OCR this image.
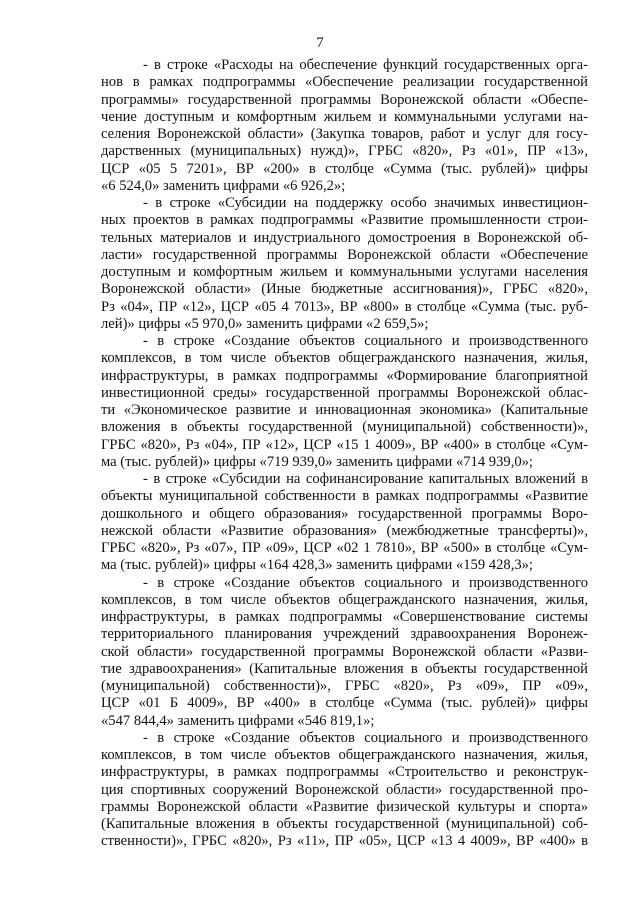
7
- в строке «Расходы на обеспечение функций государственных орга-
нов в рамках подпрограммы «Обеспечение реализации государственной
программы» государственной программы Воронежской области «Обеспе-
чение доступным и комфортным жильем и коммунальными услугами на-
селения Воронежской области» (Закупка товаров, работ и услуг для госу-
дарственных (муниципальных) нужд)», ГРБС «820», Рз «01», ПР «13»,
ЦСР «05 5 7201», ВР «200» в столбце «Сумма (тыс. рублей)» цифры
«6 524,0» заменить цифрами «6 926,2»;
- в строке «Субсидии на поддержку особо значимых инвестицион-
ных проектов в рамках подпрограммы «Развитие промышленности строи-
тельных материалов и индустриального домостроения в Воронежской об-
ласти» государственной программы Воронежской области «Обеспечение
доступным и комфортным жильем и коммунальными услугами населения
Воронежской области» (Иные бюджетные ассигнования)», ГРБС «820»,
Рз «04», ПР «12», ЦСР «05 4 7013», ВР «800» в столбце «Сумма (тыс. руб-
лей)» цифры «5 970,0» заменить цифрами «2 659,5»;
- в строке «Создание объектов социального и производственного
комплексов, в том числе объектов общегражданского назначения, жилья,
инфраструктуры, в рамках подпрограммы «Формирование благоприятной
инвестиционной среды» государственной программы Воронежской облас-
ти «Экономическое развитие и инновационная экономика» (Капитальные
вложения в объекты государственной (муниципальной) собственности)»,
ГРБС «820», Рз «04», ПР «12», ЦСР «15 1 4009», ВР «400» в столбце «Сум-
ма (тыс. рублей)» цифры «719 939,0» заменить цифрами «714 939,0»;
- в строке «Субсидии на софинансирование капитальных вложений в
объекты муниципальной собственности в рамках подпрограммы «Развитие
дошкольного и общего образования» государственной программы Воро-
нежской области «Развитие образования» (межбюджетные трансферты)»,
ГРБС «820», Рз «07», ПР «09», ЦСР «02 1 7810», ВР «500» в столбце «Сум-
ма (тыс. рублей)» цифры «164 428,3» заменить цифрами «159 428,3»;
- в строке «Создание объектов социального и производственного
комплексов, в том числе объектов общегражданского назначения, жилья,
инфраструктуры, в рамках подпрограммы «Совершенствование системы
территориального планирования учреждений здравоохранения Воронеж-
ской области» государственной программы Воронежской области «Разви-
тие здравоохранения» (Капитальные вложения в объекты государственной
(муниципальной) собственности)», ГРБС «820», Рз «09», ПР «09»,
ЦСР «01 Б 4009», ВР «400» в столбце «Сумма (тыс. рублей)» цифры
«547 844,4» заменить цифрами «546 819,1»;
- в строке «Создание объектов социального и производственного
комплексов, в том числе объектов общегражданского назначения, жилья,
инфраструктуры, в рамках подпрограммы «Строительство и реконструк-
ция спортивных сооружений Воронежской области» государственной про-
граммы Воронежской области «Развитие физической культуры и спорта»
(Капитальные вложения в объекты государственной (муниципальной) соб-
ственности)», ГРБС «820», Рз «11», ПР «05», ЦСР «13 4 4009», ВР «400» в
